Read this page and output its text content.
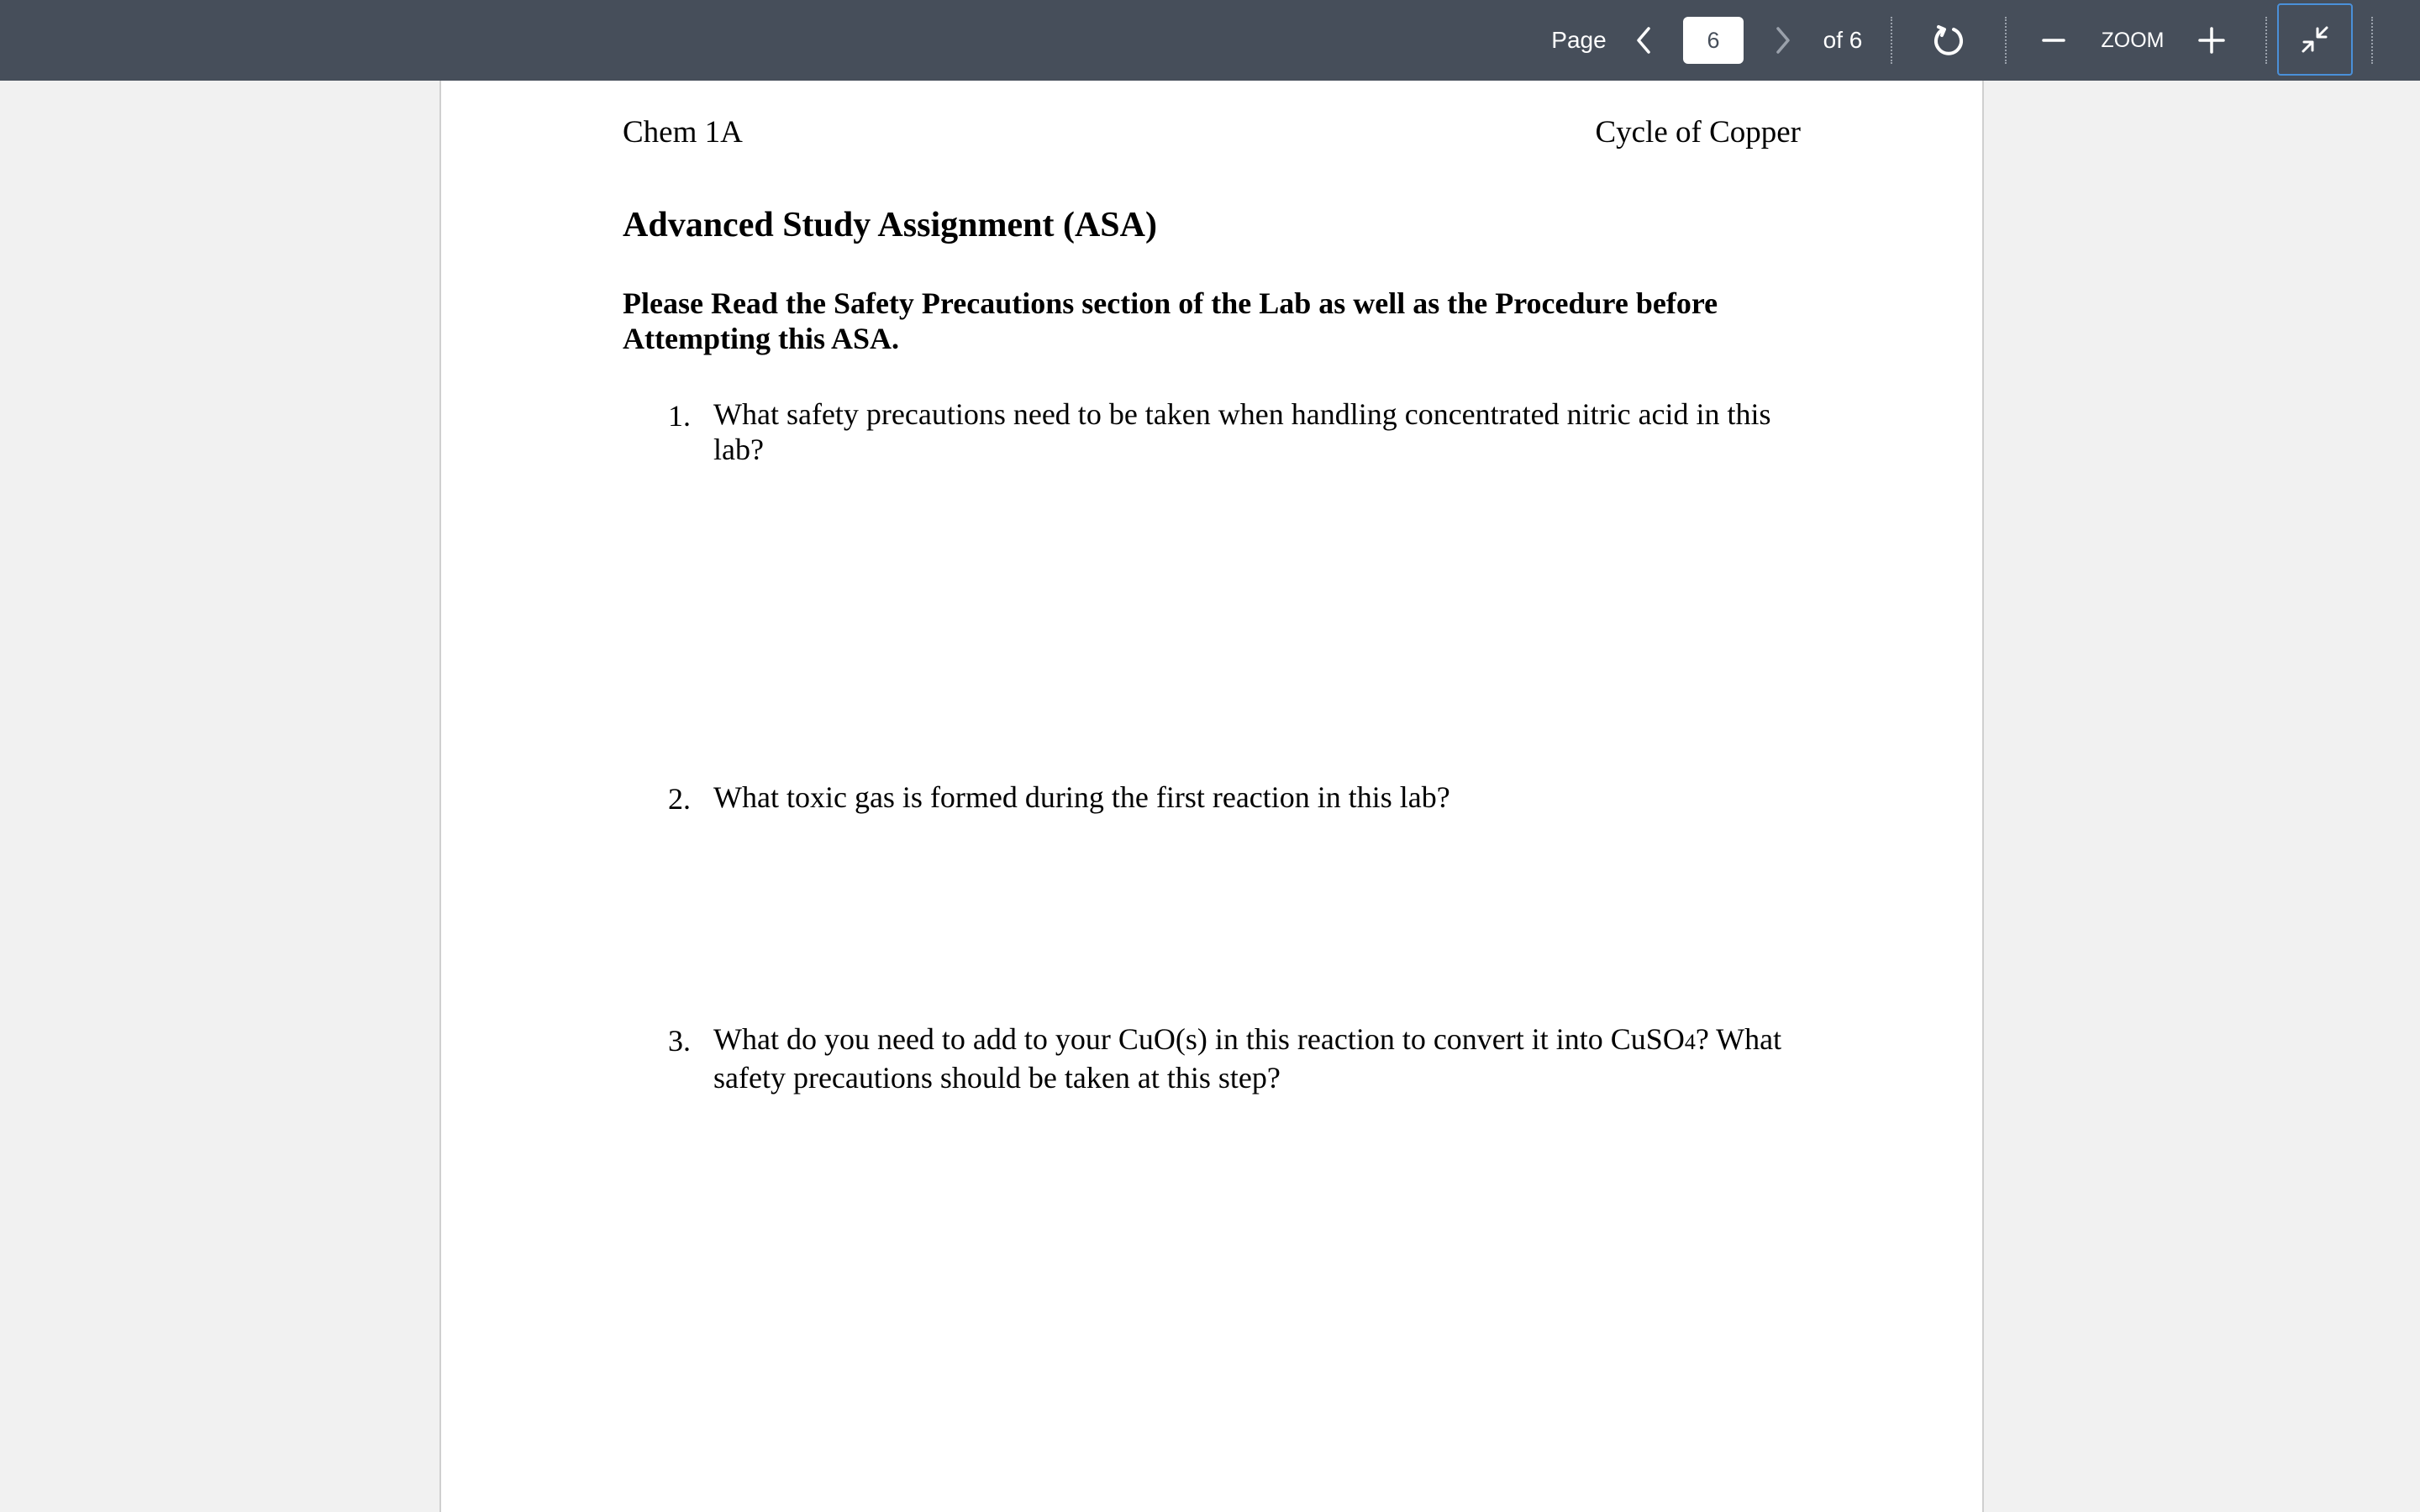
Page
6	of 6	ZOOM
Chem 1A	Cycle of Copper
Advanced Study Assignment (ASA)
Please Read the Safety Precautions section of the Lab as well as the Procedure before Attempting this ASA.
1. What safety precautions need to be taken when handling concentrated nitric acid in this lab?
2. What toxic gas is formed during the first reaction in this lab?
3. What do you need to add to your CuO(s) in this reaction to convert it into CuSO4? What safety precautions should be taken at this step?
